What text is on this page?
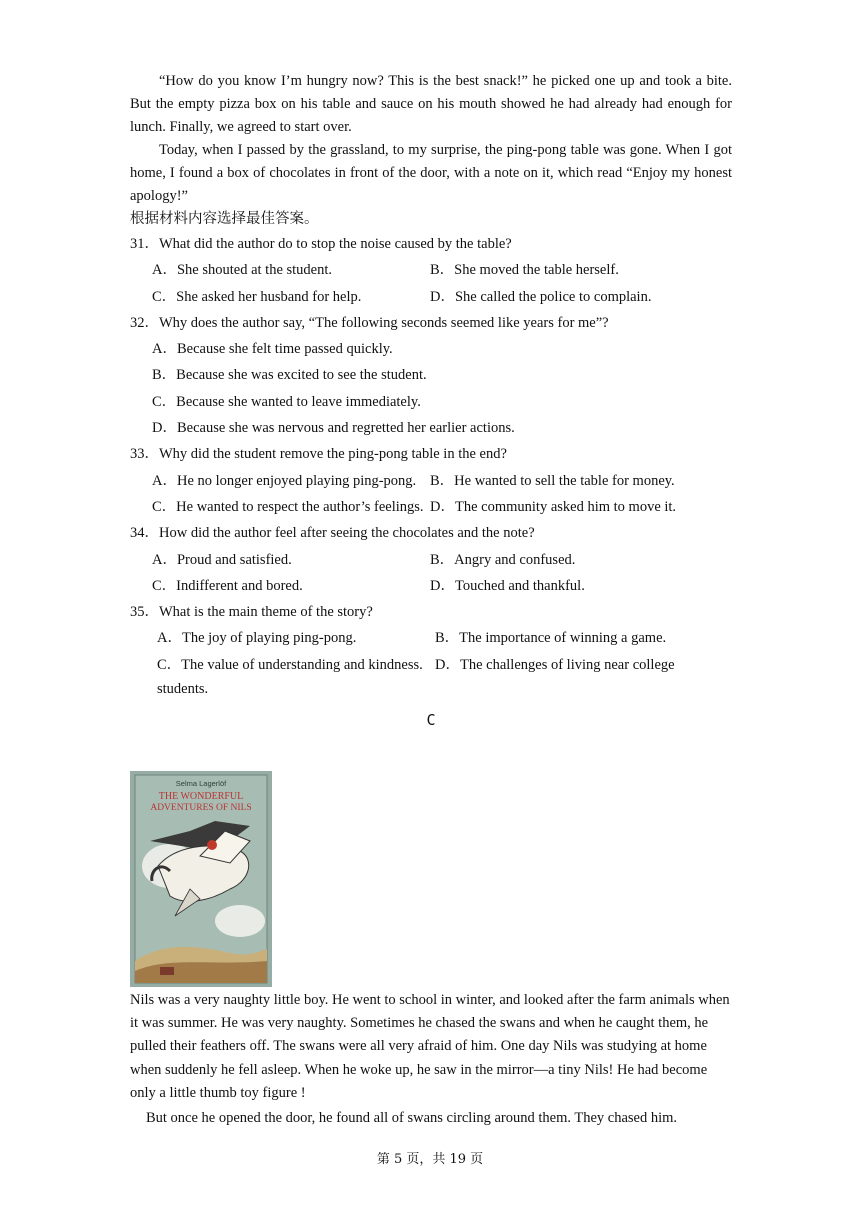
“How do you know I’m hungry now? This is the best snack!” he picked one up and took a bite. But the empty pizza box on his table and sauce on his mouth showed he had already had enough for lunch. Finally, we agreed to start over.

Today, when I passed by the grassland, to my surprise, the ping-pong table was gone. When I got home, I found a box of chocolates in front of the door, with a note on it, which read “Enjoy my honest apology!”

根据材料内容选择最佳答案。

31．What did the author do to stop the noise caused by the table?

A．She shouted at the student.	B．She moved the table herself.
C．She asked her husband for help.	D．She called the police to complain.

32．Why does the author say, “The following seconds seemed like years for me”?

A．Because she felt time passed quickly.
B．Because she was excited to see the student.
C．Because she wanted to leave immediately.
D．Because she was nervous and regretted her earlier actions.

33．Why did the student remove the ping-pong table in the end?

A．He no longer enjoyed playing ping-pong. B．He wanted to sell the table for money.
C．He wanted to respect the author’s feelings. D．The community asked him to move it.

34．How did the author feel after seeing the chocolates and the note?

A．Proud and satisfied.	B．Angry and confused.
C．Indifferent and bored.	D．Touched and thankful.

35．What is the main theme of the story?

A．The joy of playing ping-pong.	B．The importance of winning a game.
C．The value of understanding and kindness. D．The challenges of living near college
students.
C
Selma Lagerlöf
THE WONDERFUL
ADVENTURES OF NILS

Nils was a very naughty little boy. He went to school in winter, and looked after the farm animals when it was summer. He was very naughty. Sometimes he chased the swans and when he caught them, he pulled their feathers off. The swans were all very afraid of him. One day Nils was studying at home when suddenly he fell asleep. When he woke up, he saw in the mirror—a tiny Nils! He had become only a little thumb toy figure !

But once he opened the door, he found all of swans circling around them. They chased him.

第 5 页，共 19 页
